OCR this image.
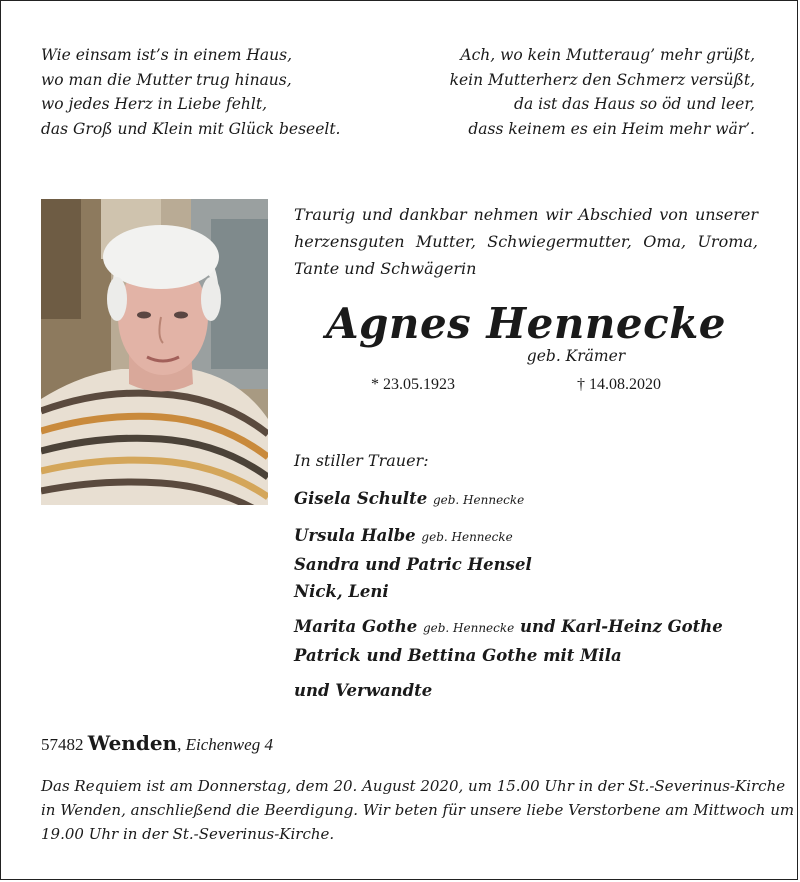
Wie einsam ist’s in einem Haus,
wo man die Mutter trug hinaus,
wo jedes Herz in Liebe fehlt,
das Groß und Klein mit Glück beseelt.
Ach, wo kein Mutteraug’ mehr grüßt,
kein Mutterherz den Schmerz versüßt,
da ist das Haus so öd und leer,
dass keinem es ein Heim mehr wär’.
Traurig und dankbar nehmen wir Abschied von unserer
herzensguten Mutter, Schwiegermutter, Oma, Uroma,
Tante und Schwägerin
Agnes Hennecke
geb. Krämer
* 23.05.1923	† 14.08.2020
In stiller Trauer:
Gisela Schulte geb. Hennecke
Ursula Halbe geb. Hennecke
Sandra und Patric Hensel
Nick, Leni
Marita Gothe geb. Hennecke und Karl-Heinz Gothe
Patrick und Bettina Gothe mit Mila
und Verwandte
57482 Wenden, Eichenweg 4
Das Requiem ist am Donnerstag, dem 20. August 2020, um 15.00 Uhr in der St.-Severinus-Kirche
in Wenden, anschließend die Beerdigung. Wir beten für unsere liebe Verstorbene am Mittwoch um
19.00 Uhr in der St.-Severinus-Kirche.
